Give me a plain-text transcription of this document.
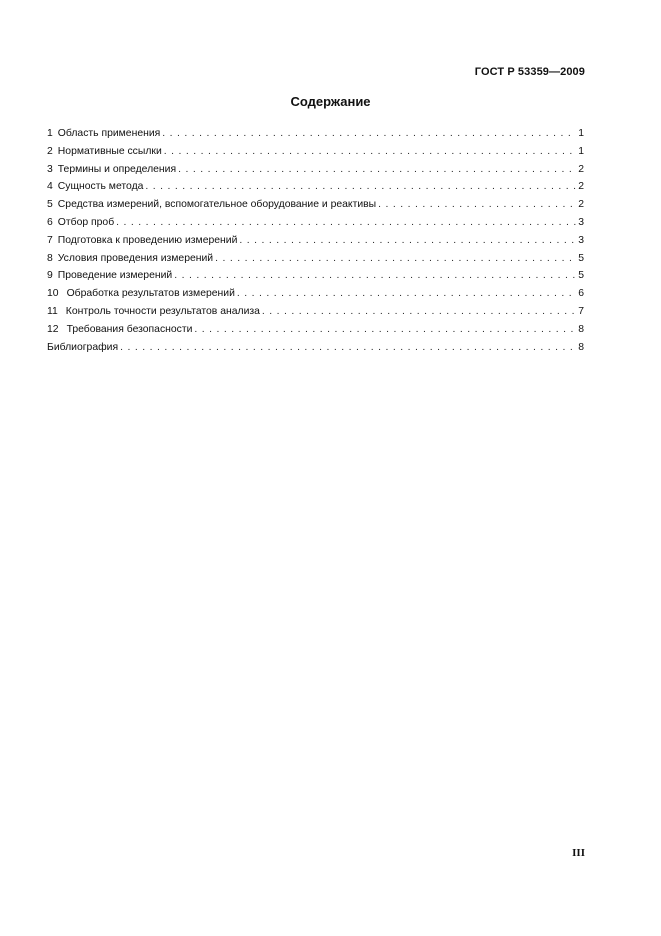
ГОСТ Р 53359—2009
Содержание
1 Область применения . . .	1
2 Нормативные ссылки . . .	1
3 Термины и определения . . .	2
4 Сущность метода . . .	2
5 Средства измерений, вспомогательное оборудование и реактивы . . .	2
6 Отбор проб . . .	3
7 Подготовка к проведению измерений . . .	3
8 Условия проведения измерений . . .	5
9 Проведение измерений . . .	5
10 Обработка результатов измерений . . .	6
11 Контроль точности результатов анализа . . .	7
12 Требования безопасности . . .	8
Библиография . . .	8
III
